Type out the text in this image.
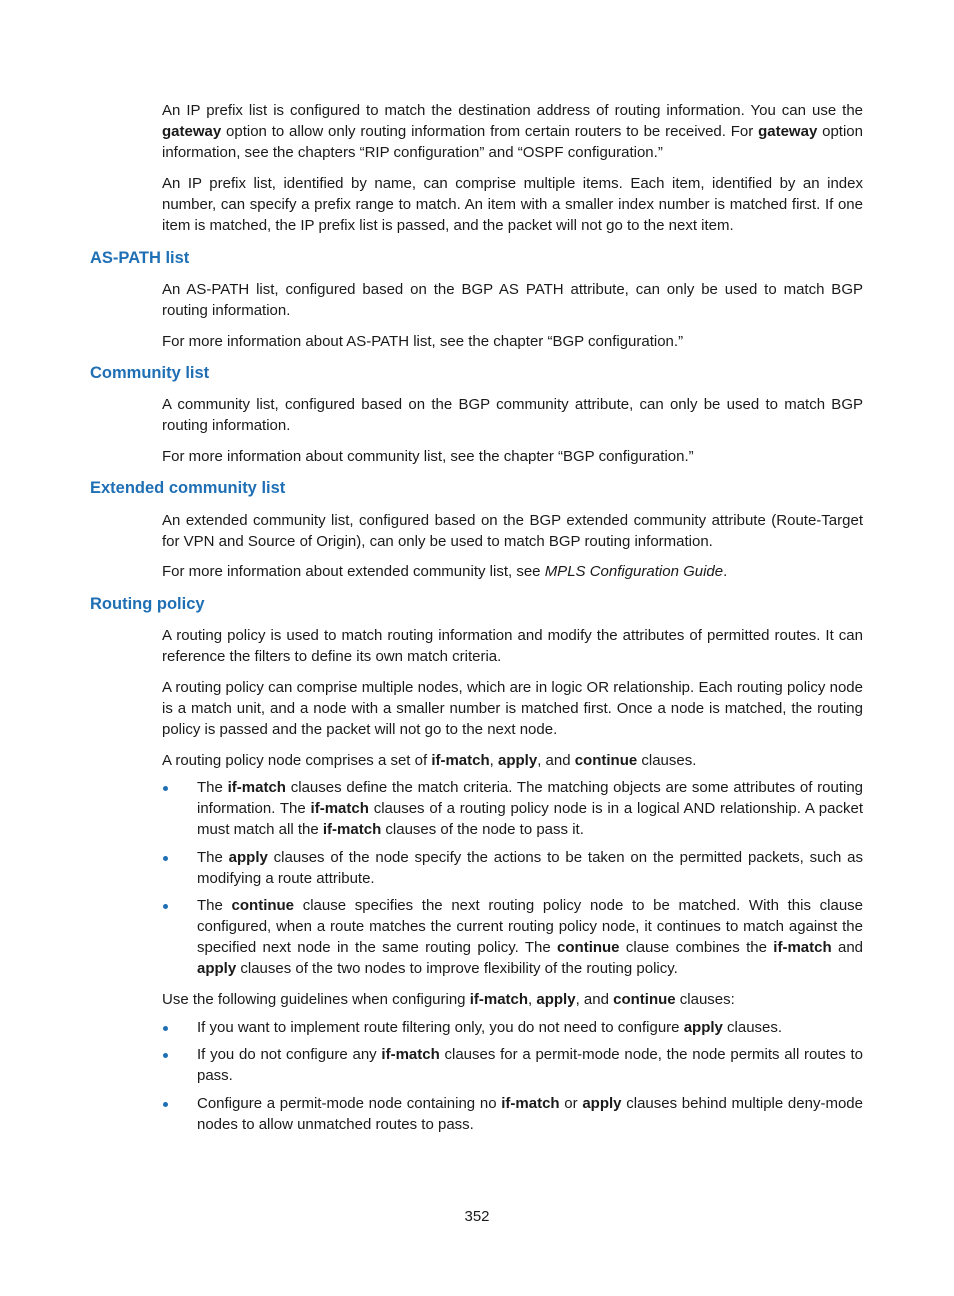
An IP prefix list is configured to match the destination address of routing information. You can use the gateway option to allow only routing information from certain routers to be received. For gateway option information, see the chapters “RIP configuration” and “OSPF configuration.”

An IP prefix list, identified by name, can comprise multiple items. Each item, identified by an index number, can specify a prefix range to match. An item with a smaller index number is matched first. If one item is matched, the IP prefix list is passed, and the packet will not go to the next item.

AS-PATH list

An AS-PATH list, configured based on the BGP AS PATH attribute, can only be used to match BGP routing information.

For more information about AS-PATH list, see the chapter “BGP configuration.”

Community list

A community list, configured based on the BGP community attribute, can only be used to match BGP routing information.

For more information about community list, see the chapter “BGP configuration.”

Extended community list

An extended community list, configured based on the BGP extended community attribute (Route-Target for VPN and Source of Origin), can only be used to match BGP routing information.

For more information about extended community list, see MPLS Configuration Guide.

Routing policy

A routing policy is used to match routing information and modify the attributes of permitted routes. It can reference the filters to define its own match criteria.

A routing policy can comprise multiple nodes, which are in logic OR relationship. Each routing policy node is a match unit, and a node with a smaller number is matched first. Once a node is matched, the routing policy is passed and the packet will not go to the next node.

A routing policy node comprises a set of if-match, apply, and continue clauses.

The if-match clauses define the match criteria. The matching objects are some attributes of routing information. The if-match clauses of a routing policy node is in a logical AND relationship. A packet must match all the if-match clauses of the node to pass it.

The apply clauses of the node specify the actions to be taken on the permitted packets, such as modifying a route attribute.

The continue clause specifies the next routing policy node to be matched. With this clause configured, when a route matches the current routing policy node, it continues to match against the specified next node in the same routing policy. The continue clause combines the if-match and apply clauses of the two nodes to improve flexibility of the routing policy.

Use the following guidelines when configuring if-match, apply, and continue clauses:

If you want to implement route filtering only, you do not need to configure apply clauses.

If you do not configure any if-match clauses for a permit-mode node, the node permits all routes to pass.

Configure a permit-mode node containing no if-match or apply clauses behind multiple deny-mode nodes to allow unmatched routes to pass.

352
